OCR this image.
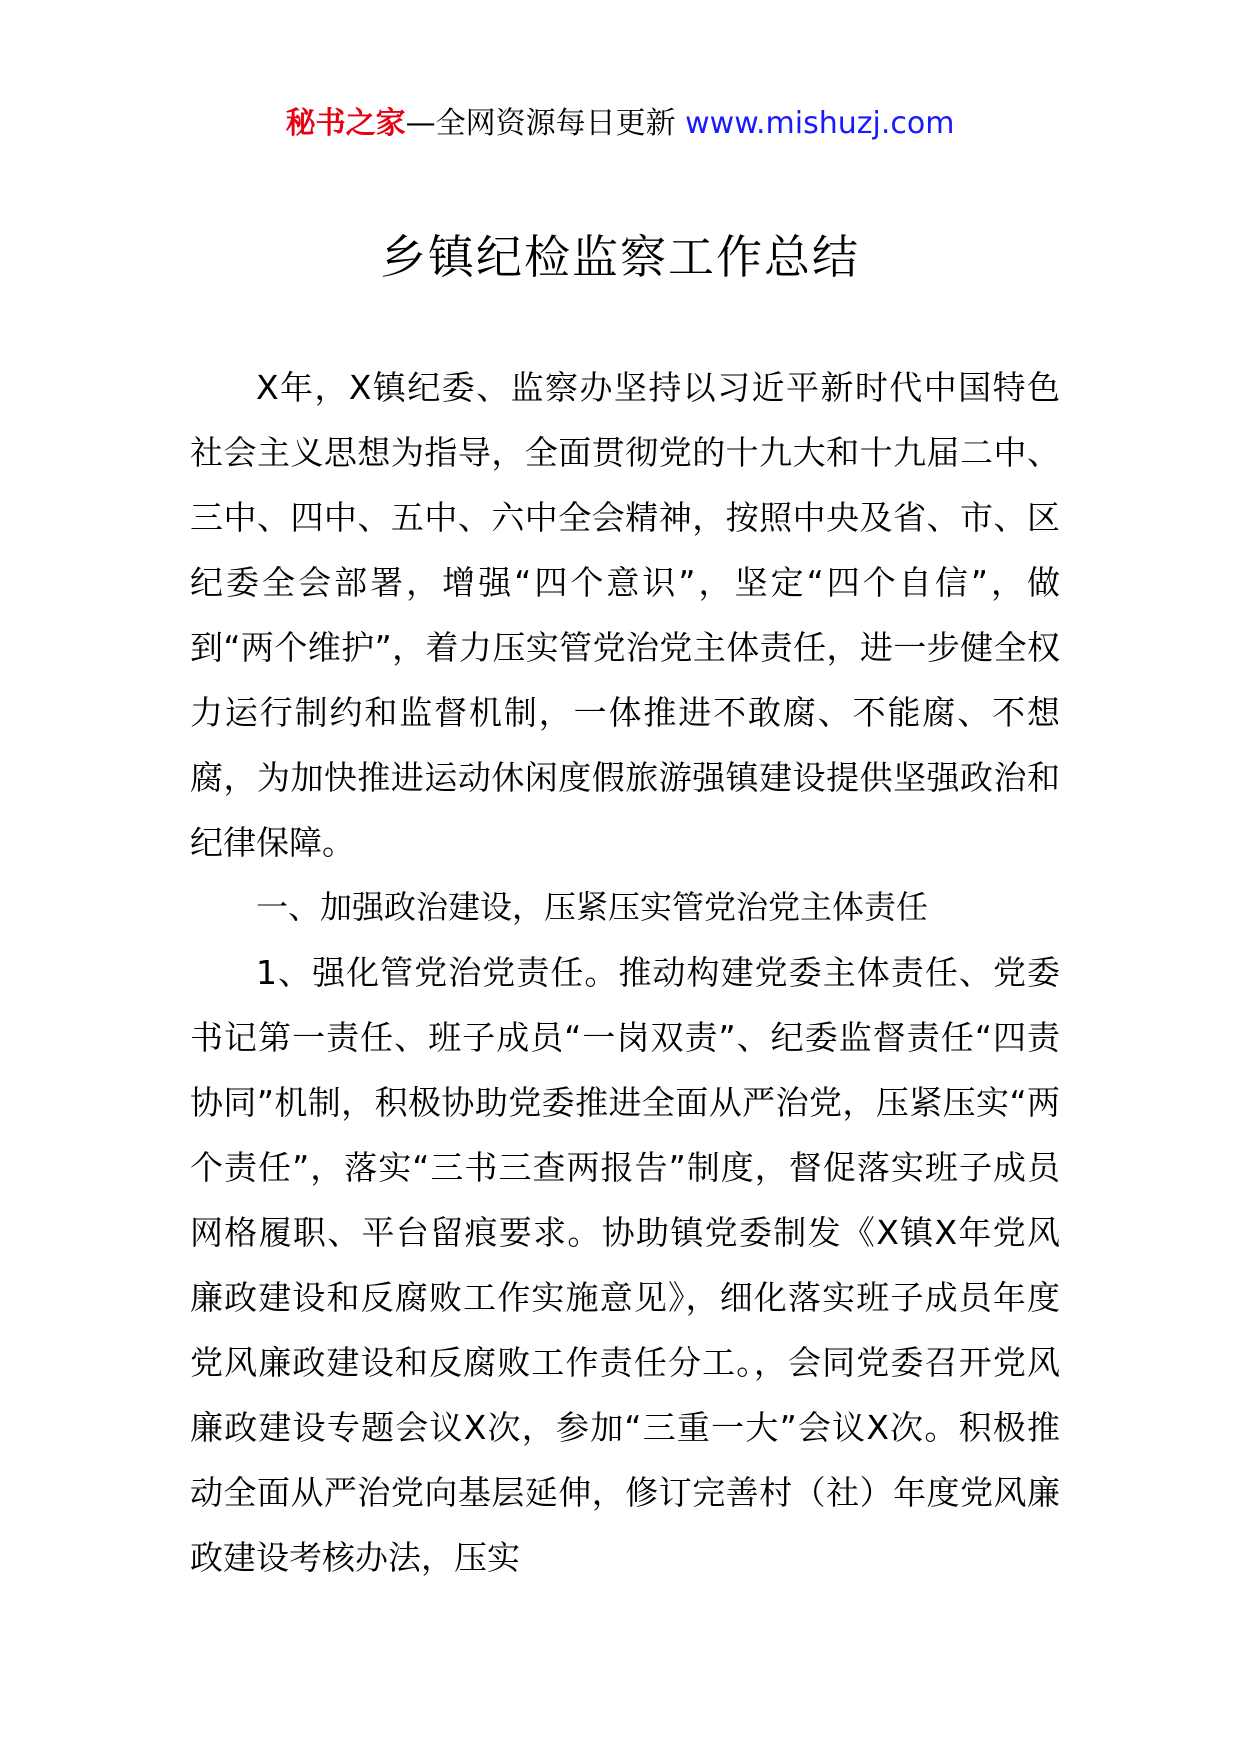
秘书之家—全网资源每日更新 www.mishuzj.com
乡镇纪检监察工作总结

X年，X镇纪委、监察办坚持以习近平新时代中国特色社会主义思想为指导，全面贯彻党的十九大和十九届二中、三中、四中、五中、六中全会精神，按照中央及省、市、区纪委全会部署，增强“四个意识”，坚定“四个自信”，做到“两个维护”，着力压实管党治党主体责任，进一步健全权力运行制约和监督机制，一体推进不敢腐、不能腐、不想腐，为加快推进运动休闲度假旅游强镇建设提供坚强政治和纪律保障。

一、加强政治建设，压紧压实管党治党主体责任

1、强化管党治党责任。推动构建党委主体责任、党委书记第一责任、班子成员“一岗双责”、纪委监督责任“四责协同”机制，积极协助党委推进全面从严治党，压紧压实“两个责任”，落实“三书三查两报告”制度，督促落实班子成员网格履职、平台留痕要求。协助镇党委制发《X镇X年党风廉政建设和反腐败工作实施意见》，细化落实班子成员年度党风廉政建设和反腐败工作责任分工。，会同党委召开党风廉政建设专题会议X次，参加“三重一大”会议X次。积极推动全面从严治党向基层延伸，修订完善村（社）年度党风廉政建设考核办法，压实
